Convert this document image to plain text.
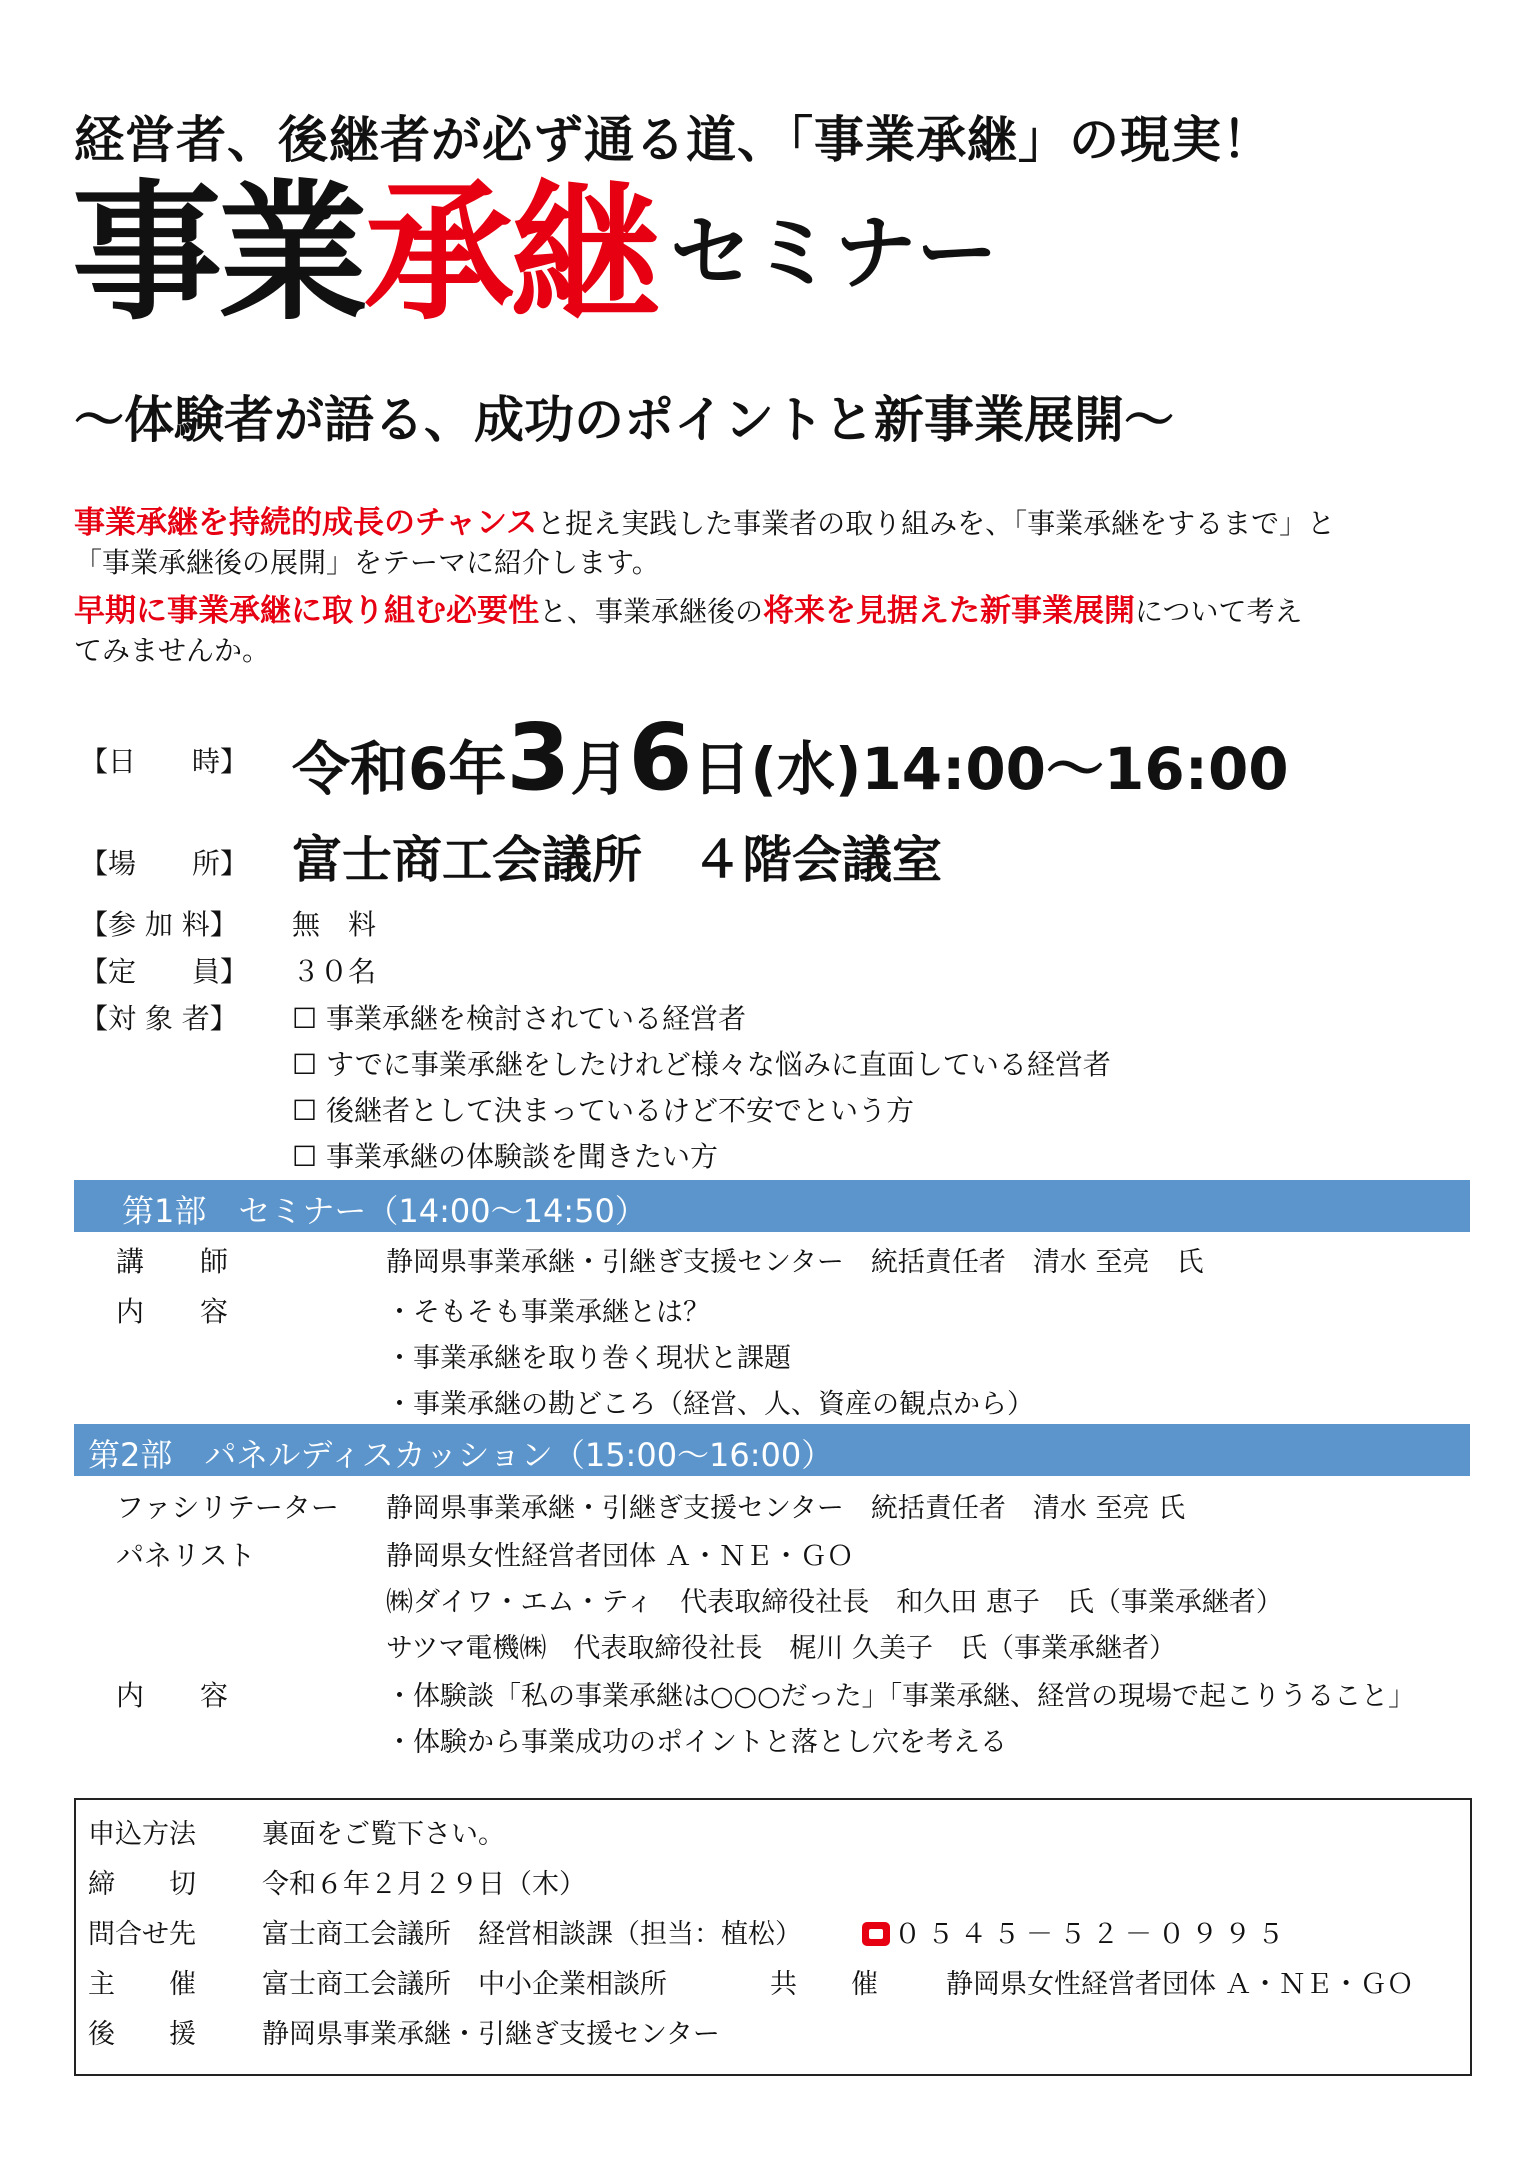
経営者、後継者が必ず通る道、「事業承継」の現実！
事業承継 セミナー
～体験者が語る、成功のポイントと新事業展開～
事業承継を持続的成長のチャンスと捉え実践した事業者の取り組みを、「事業承継をするまで」と
「事業承継後の展開」をテーマに紹介します。
早期に事業承継に取り組む必要性と、事業承継後の将来を見据えた新事業展開について考え
てみませんか。
【日　　時】 令和6年3月6日(水)14:00～16:00
【場　　所】 富士商工会議所　４階会議室
【参 加 料】 無　料
【定　　員】 ３０名
【対 象 者】 ☐ 事業承継を検討されている経営者
☐ すでに事業承継をしたけれど様々な悩みに直面している経営者
☐ 後継者として決まっているけど不安でという方
☐ 事業承継の体験談を聞きたい方
第1部　セミナー（14:00～14:50）
講　　師	静岡県事業承継・引継ぎ支援センター　統括責任者　清水 至亮　氏
内　　容	・そもそも事業承継とは？
・事業承継を取り巻く現状と課題
・事業承継の勘どころ（経営、人、資産の観点から）
第2部　パネルディスカッション（15:00～16:00）
ファシリテーター 静岡県事業承継・引継ぎ支援センター　統括責任者　清水 至亮 氏
パネリスト	静岡県女性経営者団体 Ａ・ＮＥ・ＧＯ
㈱ダイワ・エム・ティ　代表取締役社長　和久田 恵子　氏（事業承継者）
サツマ電機㈱　代表取締役社長　梶川 久美子　氏（事業承継者）
内　　容	・体験談「私の事業承継は○○○だった」「事業承継、経営の現場で起こりうること」
・体験から事業成功のポイントと落とし穴を考える
申込方法 裏面をご覧下さい。
締　　切 令和６年２月２９日（木）
問合せ先 富士商工会議所　経営相談課（担当：植松）	０５４５－５２－０９９５
主　　催 富士商工会議所　中小企業相談所	共　　催	静岡県女性経営者団体 Ａ・ＮＥ・ＧＯ
後　　援 静岡県事業承継・引継ぎ支援センター
